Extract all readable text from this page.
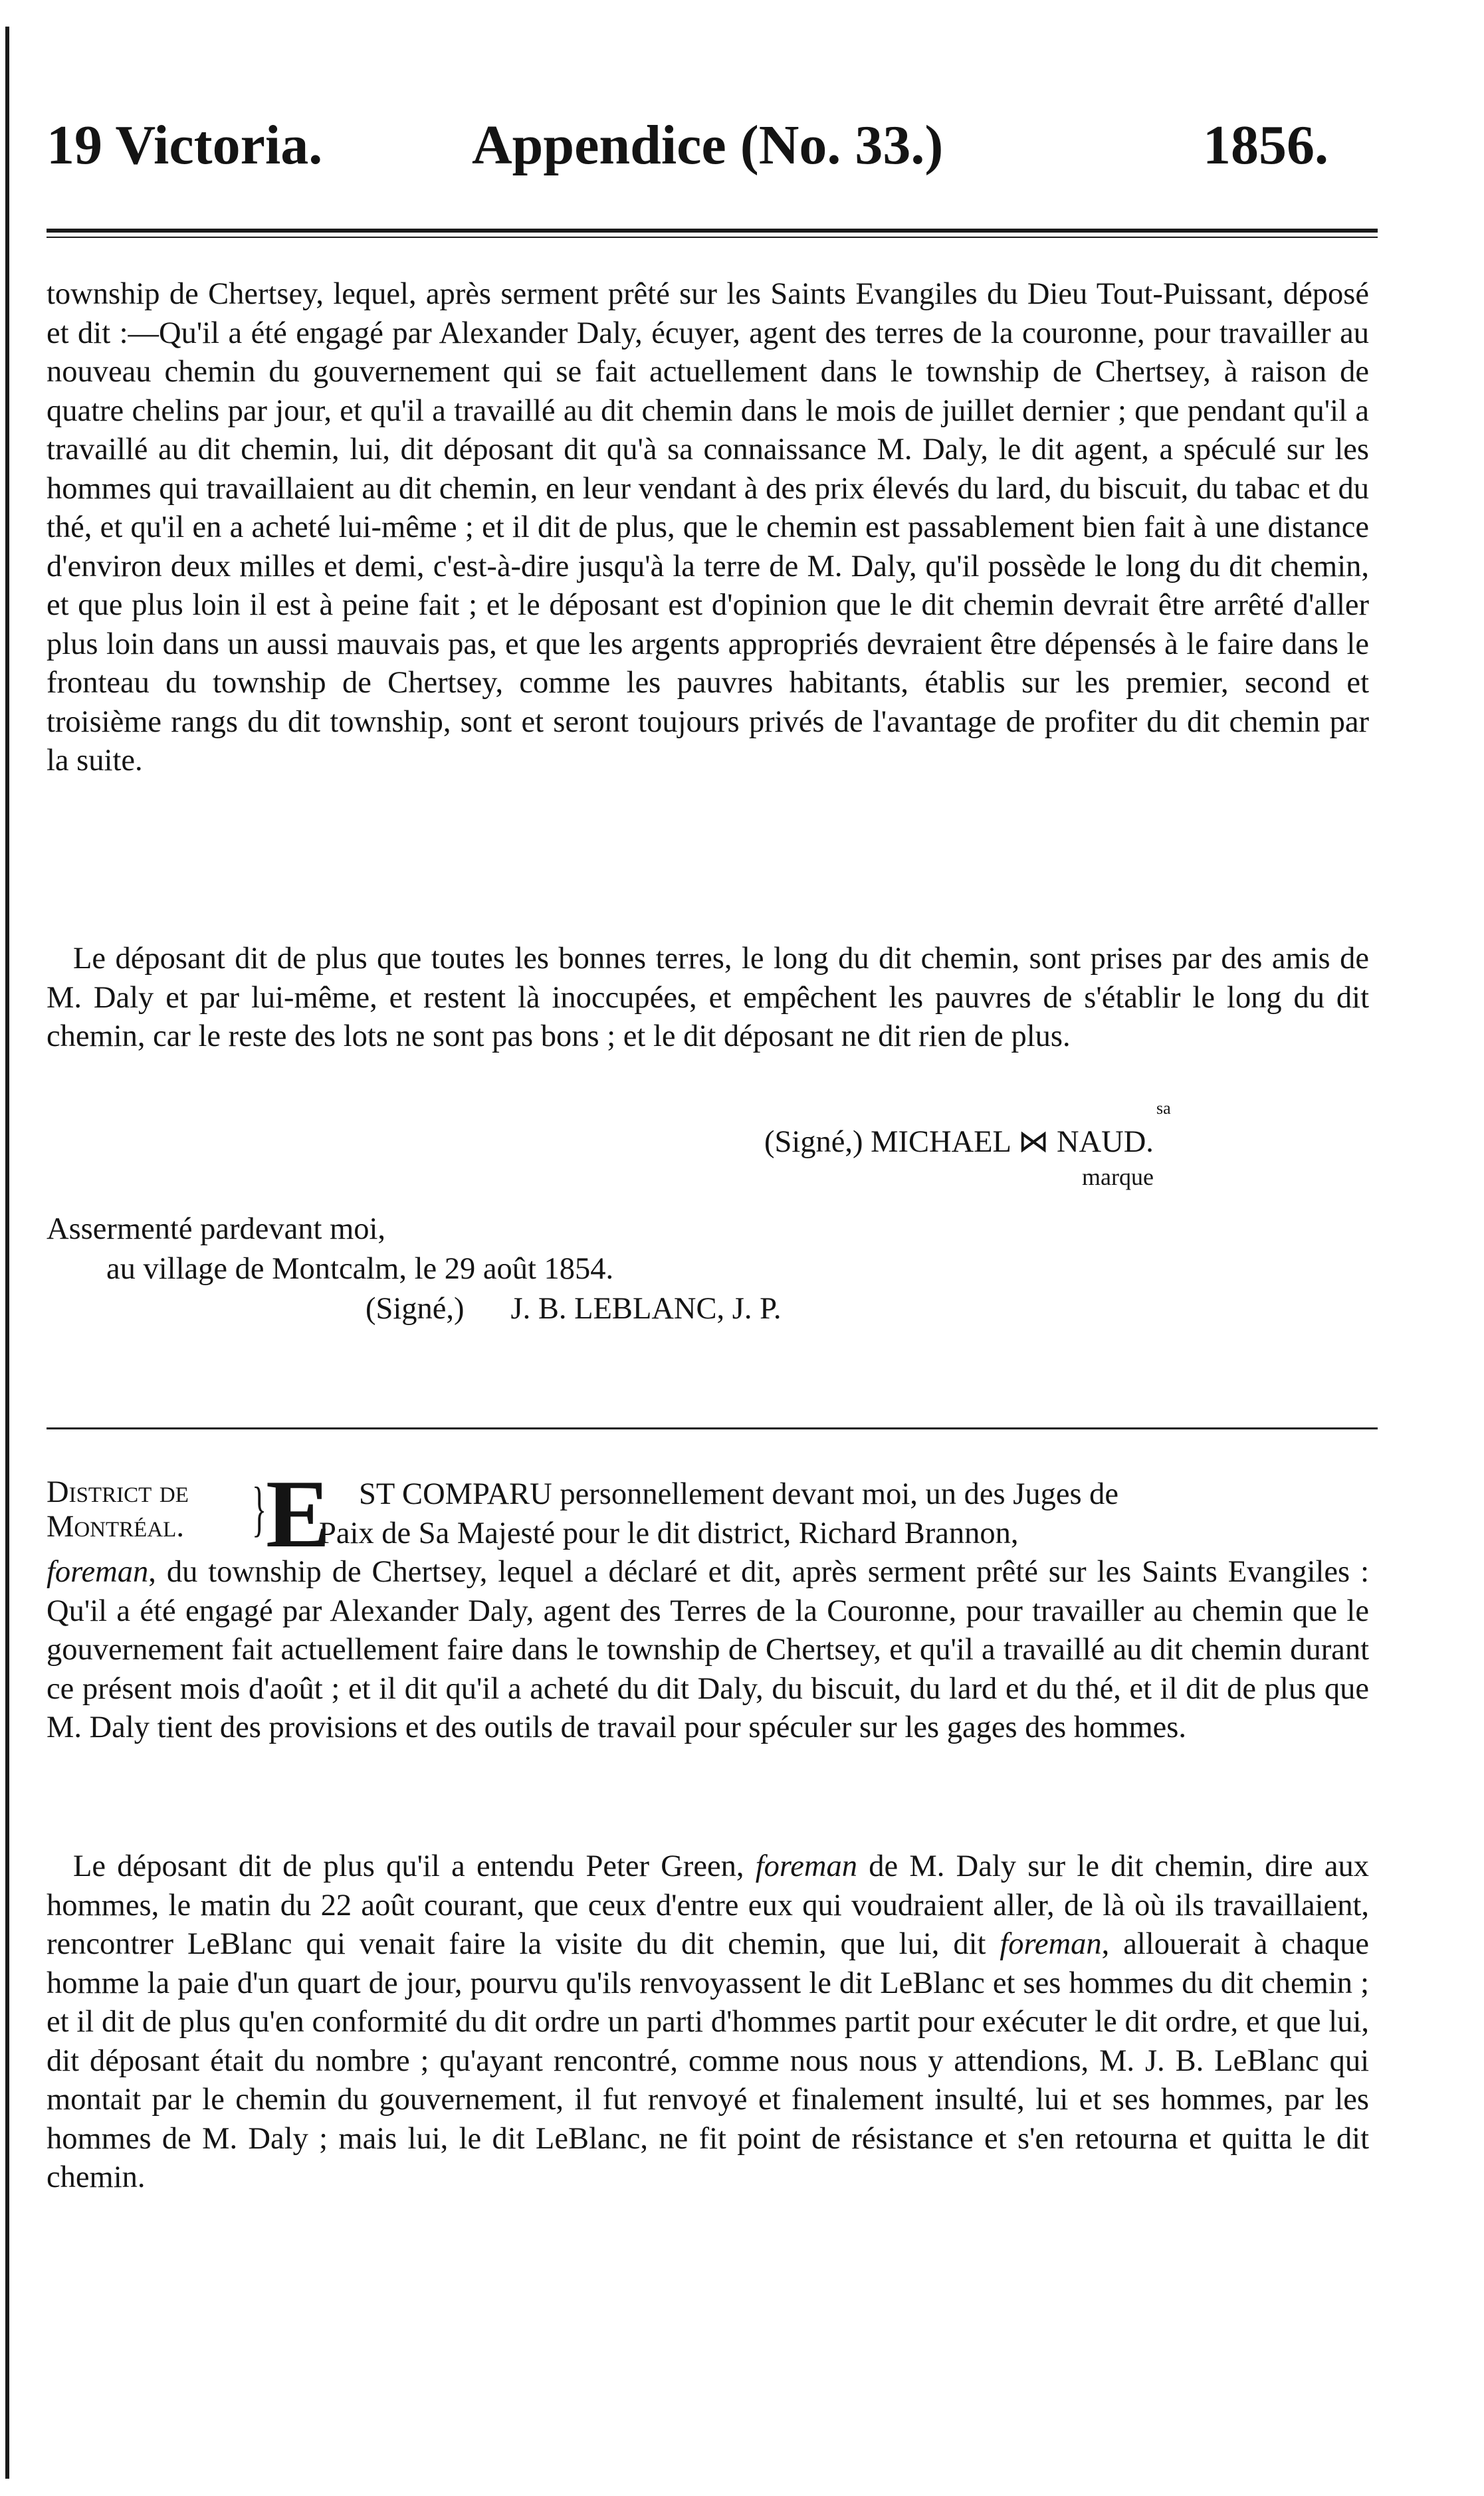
19 Victoria.	Appendice (No. 33.)	1856.
township de Chertsey, lequel, après serment prêté sur les Saints Evangiles du Dieu Tout-Puissant, déposé et dit :—Qu'il a été engagé par Alexander Daly, écuyer, agent des terres de la couronne, pour travailler au nouveau chemin du gouvernement qui se fait actuellement dans le township de Chertsey, à raison de quatre chelins par jour, et qu'il a travaillé au dit chemin dans le mois de juillet dernier ; que pendant qu'il a travaillé au dit chemin, lui, dit déposant dit qu'à sa connaissance M. Daly, le dit agent, a spéculé sur les hommes qui travaillaient au dit chemin, en leur vendant à des prix élevés du lard, du biscuit, du tabac et du thé, et qu'il en a acheté lui-même ; et il dit de plus, que le chemin est passablement bien fait à une distance d'environ deux milles et demi, c'est-à-dire jusqu'à la terre de M. Daly, qu'il possède le long du dit chemin, et que plus loin il est à peine fait ; et le déposant est d'opinion que le dit chemin devrait être arrêté d'aller plus loin dans un aussi mauvais pas, et que les argents appropriés devraient être dépensés à le faire dans le fronteau du township de Chertsey, comme les pauvres habitants, établis sur les premier, second et troisième rangs du dit township, sont et seront toujours privés de l'avantage de profiter du dit chemin par la suite.

Le déposant dit de plus que toutes les bonnes terres, le long du dit chemin, sont prises par des amis de M. Daly et par lui-même, et restent là inoccupées, et empêchent les pauvres de s'établir le long du dit chemin, car le reste des lots ne sont pas bons ; et le dit déposant ne dit rien de plus.

sa
(Signé,) MICHAEL ⋈ NAUD.
marque
Assermenté pardevant moi,
au village de Montcalm, le 29 août 1854.
(Signé,) J. B. LEBLANC, J. P.
District de
Montréal.	}
E ST COMPARU personnellement devant moi, un des Juges de
Paix de Sa Majesté pour le dit district, Richard Brannon,
foreman, du township de Chertsey, lequel a déclaré et dit, après serment prêté sur les Saints Evangiles : Qu'il a été engagé par Alexander Daly, agent des Terres de la Couronne, pour travailler au chemin que le gouvernement fait actuellement faire dans le township de Chertsey, et qu'il a travaillé au dit chemin durant ce présent mois d'août ; et il dit qu'il a acheté du dit Daly, du biscuit, du lard et du thé, et il dit de plus que M. Daly tient des provisions et des outils de travail pour spéculer sur les gages des hommes.
Le déposant dit de plus qu'il a entendu Peter Green, foreman de M. Daly sur le dit chemin, dire aux hommes, le matin du 22 août courant, que ceux d'entre eux qui voudraient aller, de là où ils travaillaient, rencontrer LeBlanc qui venait faire la visite du dit chemin, que lui, dit foreman, allouerait à chaque homme la paie d'un quart de jour, pourvu qu'ils renvoyassent le dit LeBlanc et ses hommes du dit chemin ; et il dit de plus qu'en conformité du dit ordre un parti d'hommes partit pour exécuter le dit ordre, et que lui, dit déposant était du nombre ; qu'ayant rencontré, comme nous nous y attendions, M. J. B. LeBlanc qui montait par le chemin du gouvernement, il fut renvoyé et finalement insulté, lui et ses hommes, par les hommes de M. Daly ; mais lui, le dit LeBlanc, ne fit point de résistance et s'en retourna et quitta le dit chemin.
